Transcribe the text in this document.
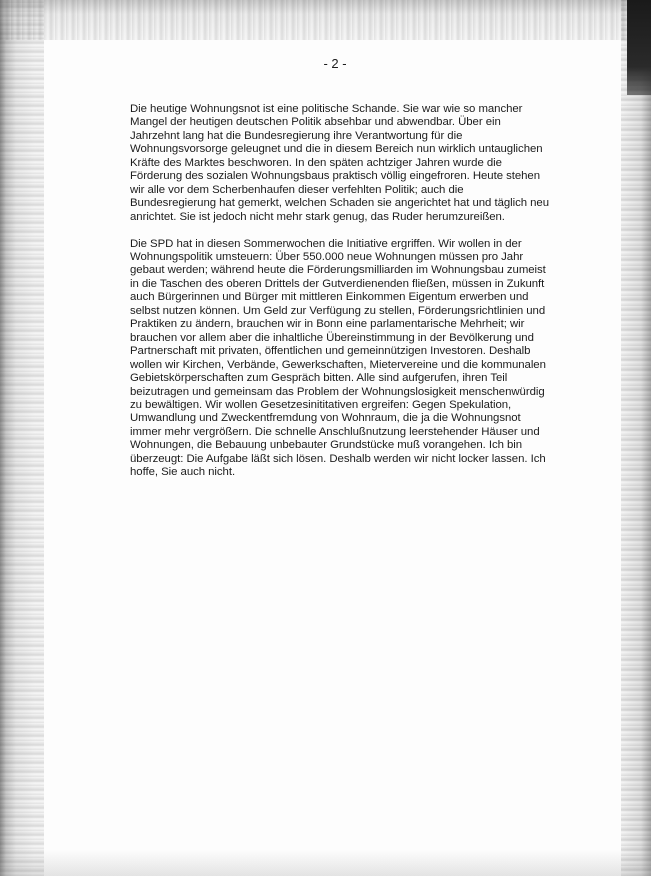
- 2 -

Die heutige Wohnungsnot ist eine politische Schande. Sie war wie so mancher
Mangel der heutigen deutschen Politik absehbar und abwendbar. Über ein
Jahrzehnt lang hat die Bundesregierung ihre Verantwortung für die
Wohnungsvorsorge geleugnet und die in diesem Bereich nun wirklich untauglichen
Kräfte des Marktes beschworen. In den späten achtziger Jahren wurde die
Förderung des sozialen Wohnungsbaus praktisch völlig eingefroren. Heute stehen
wir alle vor dem Scherbenhaufen dieser verfehlten Politik; auch die
Bundesregierung hat gemerkt, welchen Schaden sie angerichtet hat und täglich neu
anrichtet. Sie ist jedoch nicht mehr stark genug, das Ruder herumzureißen.

Die SPD hat in diesen Sommerwochen die Initiative ergriffen. Wir wollen in der
Wohnungspolitik umsteuern: Über 550.000 neue Wohnungen müssen pro Jahr
gebaut werden; während heute die Förderungsmilliarden im Wohnungsbau zumeist
in die Taschen des oberen Drittels der Gutverdienenden fließen, müssen in Zukunft
auch Bürgerinnen und Bürger mit mittleren Einkommen Eigentum erwerben und
selbst nutzen können. Um Geld zur Verfügung zu stellen, Förderungsrichtlinien und
Praktiken zu ändern, brauchen wir in Bonn eine parlamentarische Mehrheit; wir
brauchen vor allem aber die inhaltliche Übereinstimmung in der Bevölkerung und
Partnerschaft mit privaten, öffentlichen und gemeinnützigen Investoren. Deshalb
wollen wir Kirchen, Verbände, Gewerkschaften, Mietervereine und die kommunalen
Gebietskörperschaften zum Gespräch bitten. Alle sind aufgerufen, ihren Teil
beizutragen und gemeinsam das Problem der Wohnungslosigkeit menschenwürdig
zu bewältigen. Wir wollen Gesetzesinititativen ergreifen: Gegen Spekulation,
Umwandlung und Zweckentfremdung von Wohnraum, die ja die Wohnungsnot
immer mehr vergrößern. Die schnelle Anschlußnutzung leerstehender Häuser und
Wohnungen, die Bebauung unbebauter Grundstücke muß vorangehen. Ich bin
überzeugt: Die Aufgabe läßt sich lösen. Deshalb werden wir nicht locker lassen. Ich
hoffe, Sie auch nicht.
